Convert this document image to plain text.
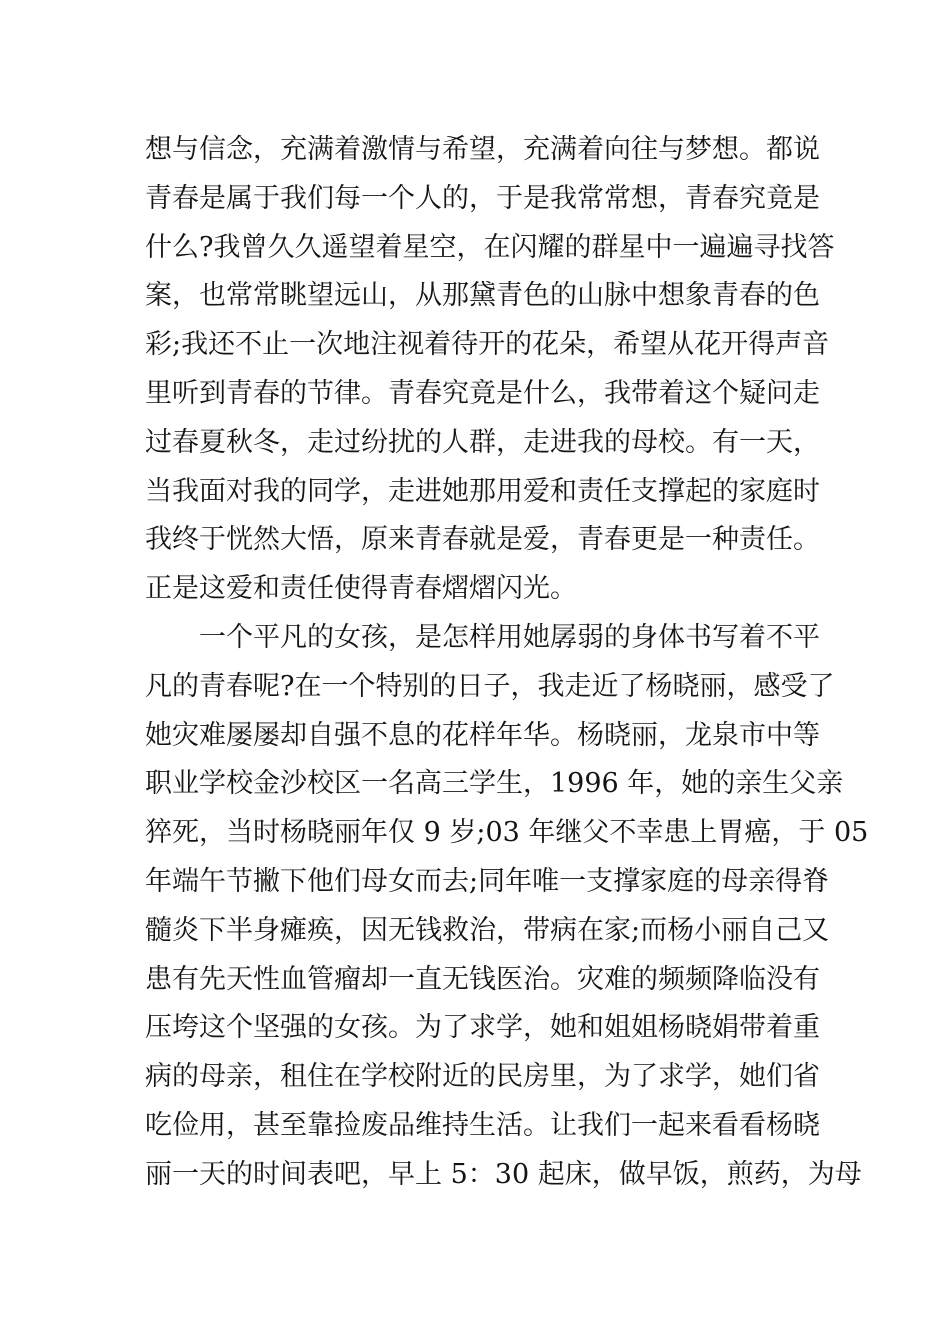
想与信念，充满着激情与希望，充满着向往与梦想。都说
青春是属于我们每一个人的，于是我常常想，青春究竟是
什么?我曾久久遥望着星空，在闪耀的群星中一遍遍寻找答
案，也常常眺望远山，从那黛青色的山脉中想象青春的色
彩;我还不止一次地注视着待开的花朵，希望从花开得声音
里听到青春的节律。青春究竟是什么，我带着这个疑问走
过春夏秋冬，走过纷扰的人群，走进我的母校。有一天，
当我面对我的同学，走进她那用爱和责任支撑起的家庭时
我终于恍然大悟，原来青春就是爱，青春更是一种责任。
正是这爱和责任使得青春熠熠闪光。
　　一个平凡的女孩，是怎样用她孱弱的身体书写着不平
凡的青春呢?在一个特别的日子，我走近了杨晓丽，感受了
她灾难屡屡却自强不息的花样年华。杨晓丽，龙泉市中等
职业学校金沙校区一名高三学生，1996 年，她的亲生父亲
猝死，当时杨晓丽年仅 9 岁;03 年继父不幸患上胃癌，于 05
年端午节撇下他们母女而去;同年唯一支撑家庭的母亲得脊
髓炎下半身瘫痪，因无钱救治，带病在家;而杨小丽自己又
患有先天性血管瘤却一直无钱医治。灾难的频频降临没有
压垮这个坚强的女孩。为了求学，她和姐姐杨晓娟带着重
病的母亲，租住在学校附近的民房里，为了求学，她们省
吃俭用，甚至靠捡废品维持生活。让我们一起来看看杨晓
丽一天的时间表吧，早上 5：30 起床，做早饭，煎药，为母
